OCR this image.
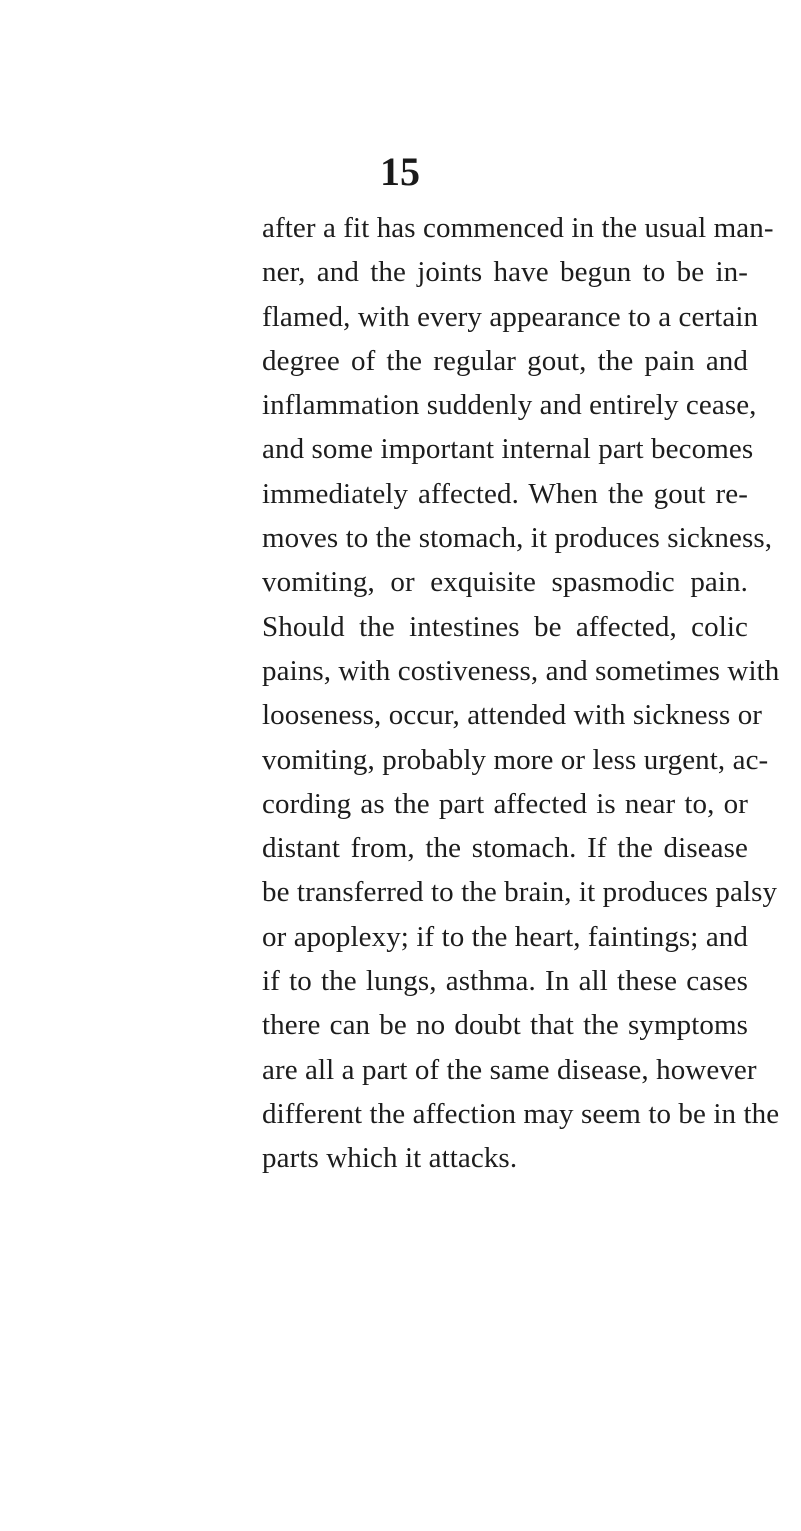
15
after a fit has commenced in the usual man-
ner, and the joints have begun to be in-
flamed, with every appearance to a certain
degree of the regular gout, the pain and
inflammation suddenly and entirely cease,
and some important internal part becomes
immediately affected. When the gout re-
moves to the stomach, it produces sickness,
vomiting, or exquisite spasmodic pain.
Should the intestines be affected, colic
pains, with costiveness, and sometimes with
looseness, occur, attended with sickness or
vomiting, probably more or less urgent, ac-
cording as the part affected is near to, or
distant from, the stomach. If the disease
be transferred to the brain, it produces palsy
or apoplexy; if to the heart, faintings; and
if to the lungs, asthma. In all these cases
there can be no doubt that the symptoms
are all a part of the same disease, however
different the affection may seem to be in the
parts which it attacks.
